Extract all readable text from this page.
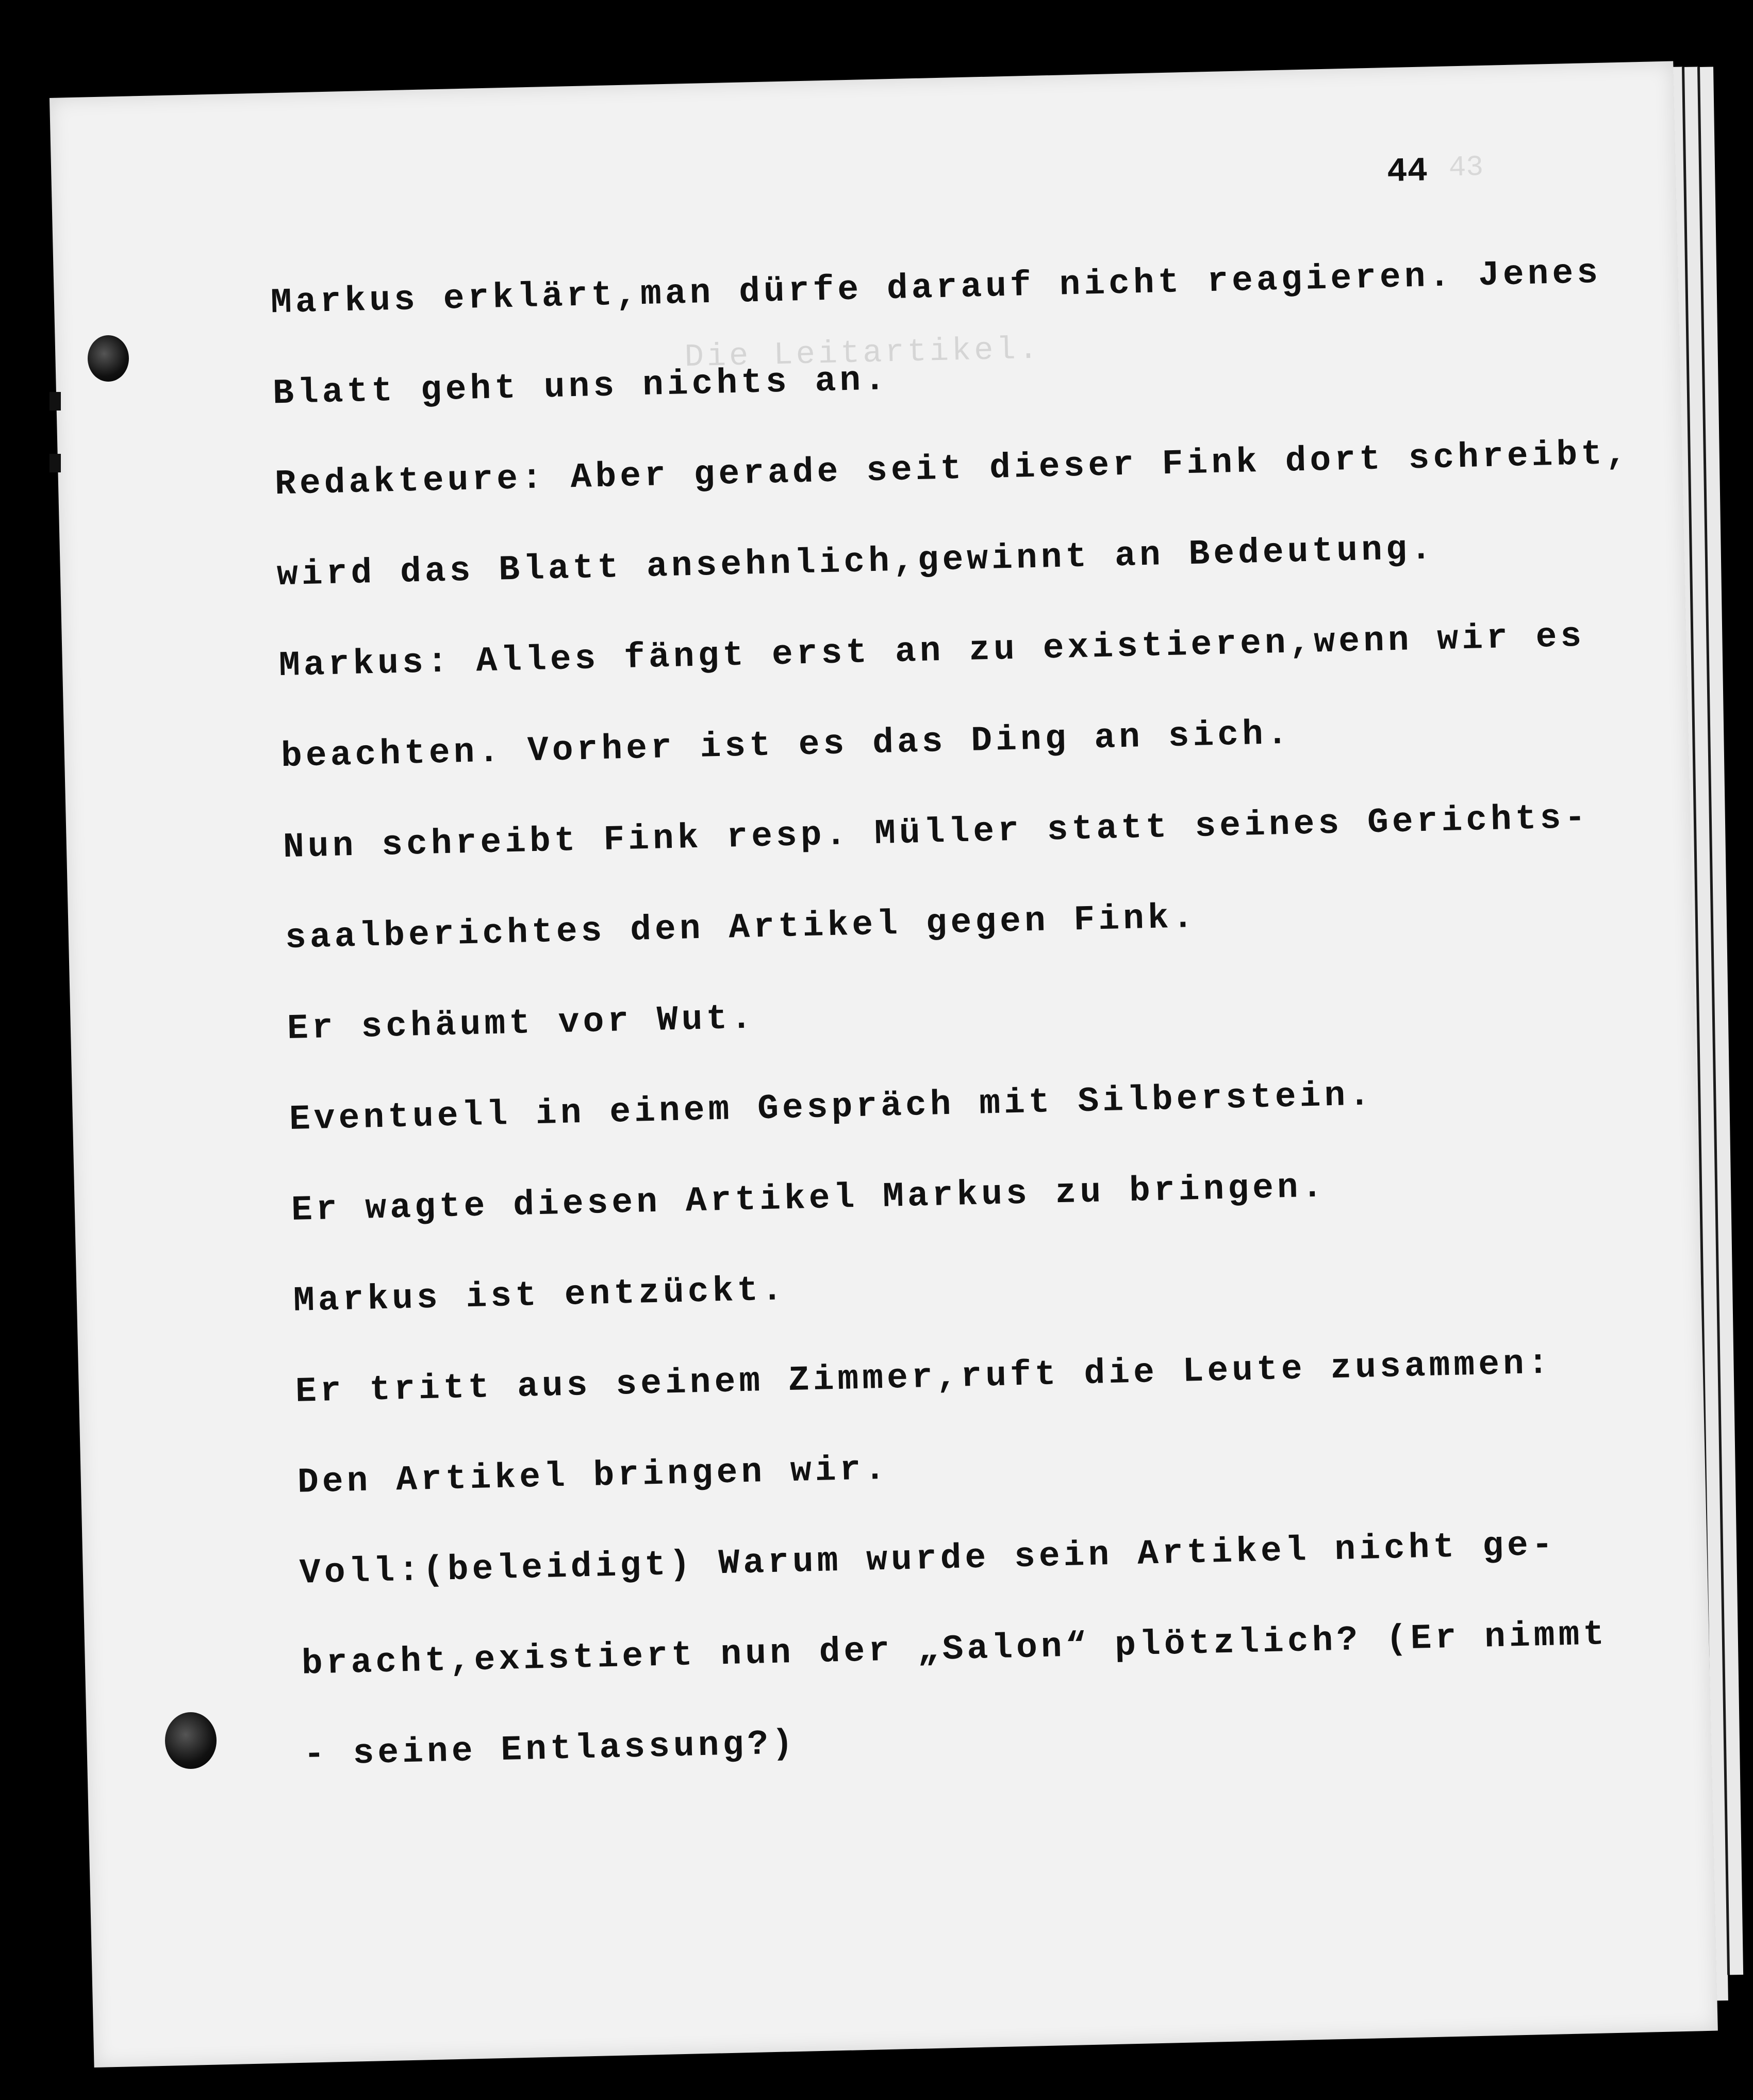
44 43
Die Leitartikel.
Markus erklärt,man dürfe darauf nicht reagieren. Jenes
Blatt geht uns nichts an.
Redakteure: Aber gerade seit dieser Fink dort schreibt,
wird das Blatt ansehnlich,gewinnt an Bedeutung.
Markus: Alles fängt erst an zu existieren,wenn wir es
beachten. Vorher ist es das Ding an sich.
Nun schreibt Fink resp. Müller statt seines Gerichts-
saalberichtes den Artikel gegen Fink.
Er schäumt vor Wut.
Eventuell in einem Gespräch mit Silberstein.
Er wagte diesen Artikel Markus zu bringen.
Markus ist entzückt.
Er tritt aus seinem Zimmer,ruft die Leute zusammen:
Den Artikel bringen wir.
Voll:(beleidigt) Warum wurde sein Artikel nicht ge-
bracht,existiert nun der „Salon“ plötzlich? (Er nimmt
- seine Entlassung?)
